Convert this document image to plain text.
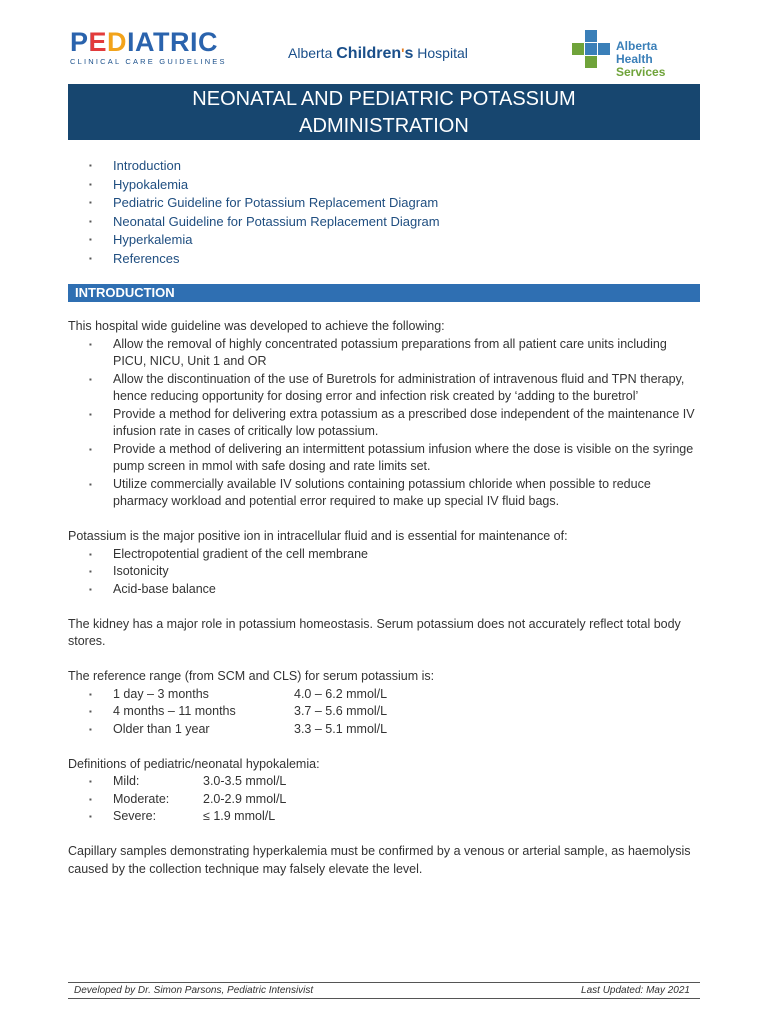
PEDIATRIC
CLINICAL CARE GUIDELINES
Alberta Children's Hospital	Alberta Health
Services
NEONATAL AND PEDIATRIC POTASSIUM
ADMINISTRATION
▪ Introduction
▪ Hypokalemia
▪ Pediatric Guideline for Potassium Replacement Diagram
▪ Neonatal Guideline for Potassium Replacement Diagram
▪ Hyperkalemia
▪ References
INTRODUCTION

This hospital wide guideline was developed to achieve the following:

▪ Allow the removal of highly concentrated potassium preparations from all patient care units including PICU, NICU, Unit 1 and OR
▪ Allow the discontinuation of the use of Buretrols for administration of intravenous fluid and TPN therapy, hence reducing opportunity for dosing error and infection risk created by ‘adding to the buretrol’
▪ Provide a method for delivering extra potassium as a prescribed dose independent of the maintenance IV infusion rate in cases of critically low potassium.
▪ Provide a method of delivering an intermittent potassium infusion where the dose is visible on the syringe pump screen in mmol with safe dosing and rate limits set.
▪ Utilize commercially available IV solutions containing potassium chloride when possible to reduce pharmacy workload and potential error required to make up special IV fluid bags.

Potassium is the major positive ion in intracellular fluid and is essential for maintenance of:

▪ Electropotential gradient of the cell membrane
▪ Isotonicity
▪ Acid-base balance

The kidney has a major role in potassium homeostasis. Serum potassium does not accurately reflect total body stores.

The reference range (from SCM and CLS) for serum potassium is:

▪ 1 day – 3 months	4.0 – 6.2 mmol/L
▪ 4 months – 11 months	3.7 – 5.6 mmol/L
▪ Older than 1 year	3.3 – 5.1 mmol/L

Definitions of pediatric/neonatal hypokalemia:

▪ Mild:	3.0-3.5 mmol/L
▪ Moderate:	2.0-2.9 mmol/L
▪ Severe:	≤ 1.9 mmol/L

Capillary samples demonstrating hyperkalemia must be confirmed by a venous or arterial sample, as haemolysis caused by the collection technique may falsely elevate the level.

Developed by Dr. Simon Parsons, Pediatric Intensivist	Last Updated: May 2021
